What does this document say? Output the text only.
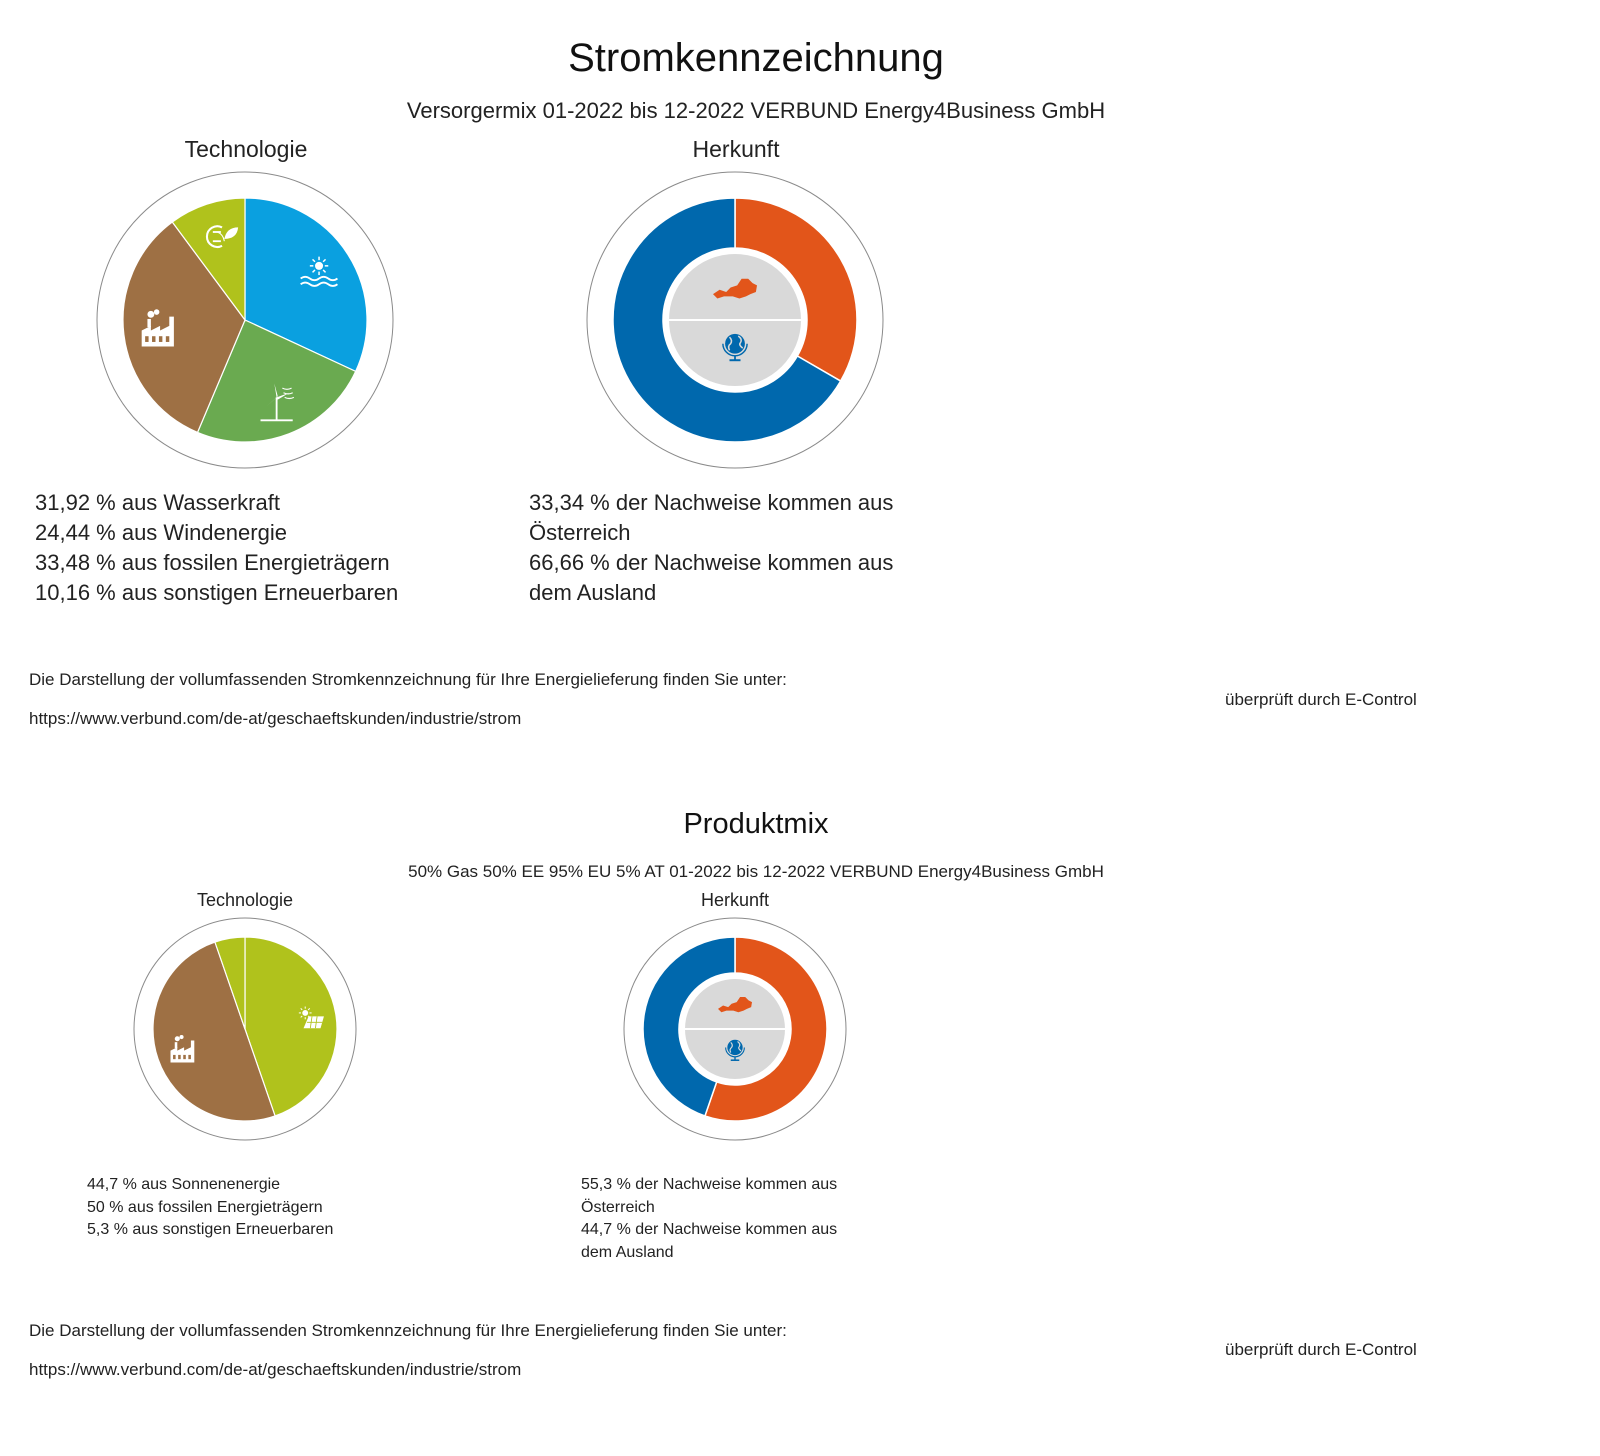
Stromkennzeichnung
Versorgermix 01-2022 bis 12-2022 VERBUND Energy4Business GmbH
Technologie	Herkunft
31,92 % aus Wasserkraft
24,44 % aus Windenergie
33,48 % aus fossilen Energieträgern
10,16 % aus sonstigen Erneuerbaren
33,34 % der Nachweise kommen aus
Österreich
66,66 % der Nachweise kommen aus
dem Ausland
Die Darstellung der vollumfassenden Stromkennzeichnung für Ihre Energielieferung finden Sie unter:
https://www.verbund.com/de-at/geschaeftskunden/industrie/strom
überprüft durch E-Control
Produktmix
50% Gas 50% EE 95% EU 5% AT 01-2022 bis 12-2022 VERBUND Energy4Business GmbH
Technologie	Herkunft
44,7 % aus Sonnenenergie
50 % aus fossilen Energieträgern
5,3 % aus sonstigen Erneuerbaren
55,3 % der Nachweise kommen aus
Österreich
44,7 % der Nachweise kommen aus
dem Ausland
Die Darstellung der vollumfassenden Stromkennzeichnung für Ihre Energielieferung finden Sie unter:
https://www.verbund.com/de-at/geschaeftskunden/industrie/strom
überprüft durch E-Control
